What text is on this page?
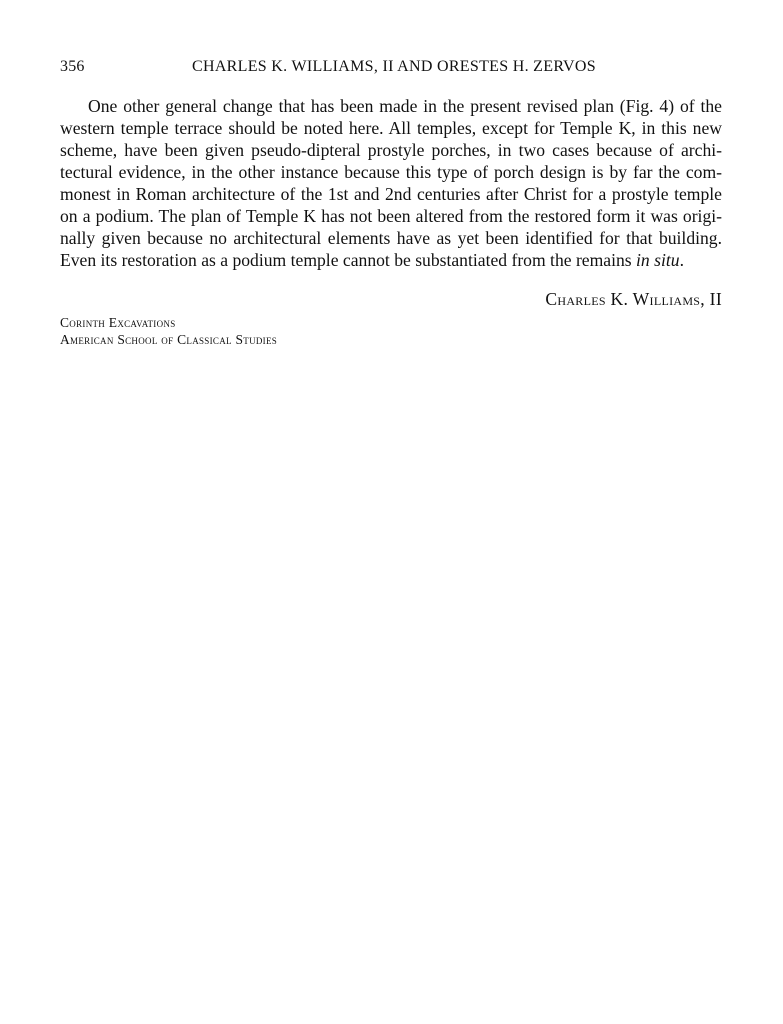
356	CHARLES K. WILLIAMS, II AND ORESTES H. ZERVOS
One other general change that has been made in the present revised plan (Fig. 4) of the
western temple terrace should be noted here. All temples, except for Temple K, in this new
scheme, have been given pseudo-dipteral prostyle porches, in two cases because of archi-
tectural evidence, in the other instance because this type of porch design is by far the com-
monest in Roman architecture of the 1st and 2nd centuries after Christ for a prostyle temple
on a podium. The plan of Temple K has not been altered from the restored form it was origi-
nally given because no architectural elements have as yet been identified for that building.
Even its restoration as a podium temple cannot be substantiated from the remains in situ.
Charles K. Williams, II
Corinth Excavations
American School of Classical Studies
